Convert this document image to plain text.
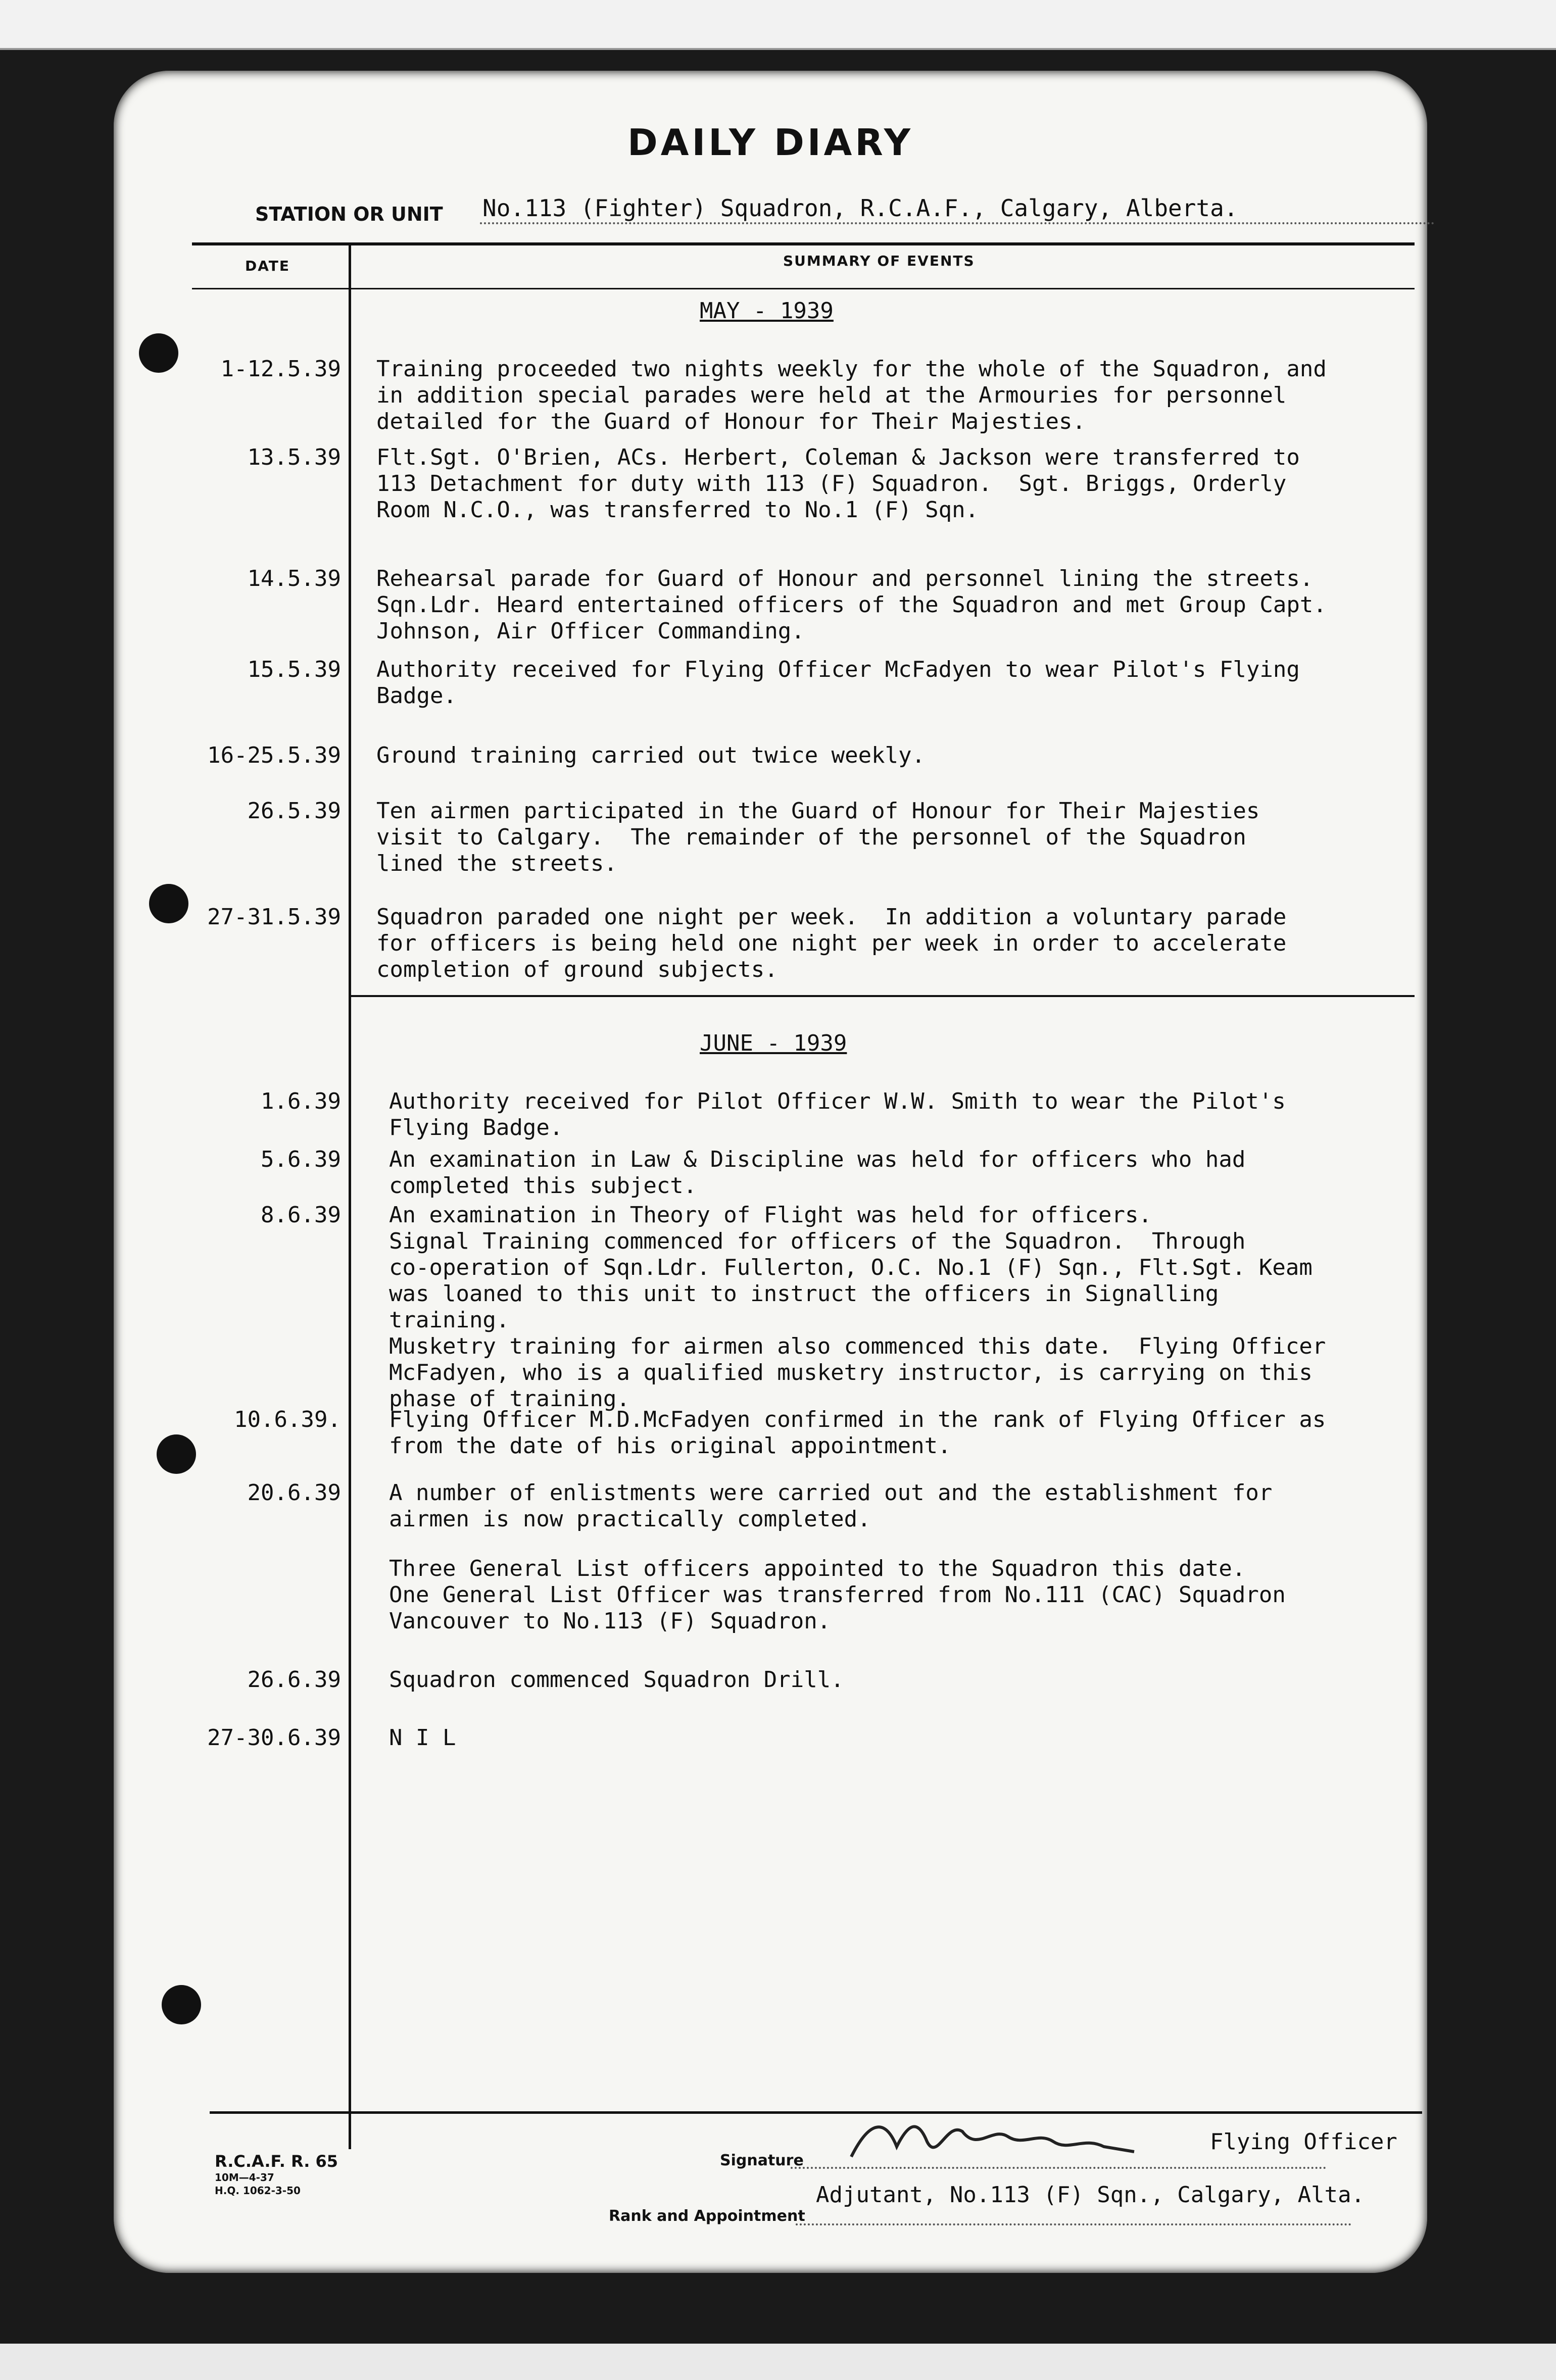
DAILY DIARY
STATION OR UNIT No.113 (Fighter) Squadron, R.C.A.F., Calgary, Alberta.
DATE	SUMMARY OF EVENTS
MAY - 1939
1-12.5.39 Training proceeded two nights weekly for the whole of the Squadron, and
in addition special parades were held at the Armouries for personnel
detailed for the Guard of Honour for Their Majesties.
13.5.39 Flt.Sgt. O'Brien, ACs. Herbert, Coleman & Jackson were transferred to
113 Detachment for duty with 113 (F) Squadron.  Sgt. Briggs, Orderly
Room N.C.O., was transferred to No.1 (F) Sqn.
14.5.39 Rehearsal parade for Guard of Honour and personnel lining the streets.
Sqn.Ldr. Heard entertained officers of the Squadron and met Group Capt.
Johnson, Air Officer Commanding.
15.5.39 Authority received for Flying Officer McFadyen to wear Pilot's Flying
Badge.
16-25.5.39 Ground training carried out twice weekly.
26.5.39 Ten airmen participated in the Guard of Honour for Their Majesties
visit to Calgary.  The remainder of the personnel of the Squadron
lined the streets.
27-31.5.39 Squadron paraded one night per week.  In addition a voluntary parade
for officers is being held one night per week in order to accelerate
completion of ground subjects.
JUNE - 1939
1.6.39 Authority received for Pilot Officer W.W. Smith to wear the Pilot's
Flying Badge.
5.6.39 An examination in Law & Discipline was held for officers who had
completed this subject.
8.6.39 An examination in Theory of Flight was held for officers.
Signal Training commenced for officers of the Squadron.  Through
co-operation of Sqn.Ldr. Fullerton, O.C. No.1 (F) Sqn., Flt.Sgt. Keam
was loaned to this unit to instruct the officers in Signalling training.
Musketry training for airmen also commenced this date.  Flying Officer
McFadyen, who is a qualified musketry instructor, is carrying on this
phase of training.
10.6.39. Flying Officer M.D.McFadyen confirmed in the rank of Flying Officer as
from the date of his original appointment.
20.6.39 A number of enlistments were carried out and the establishment for
airmen is now practically completed.
Three General List officers appointed to the Squadron this date.
One General List Officer was transferred from No.111 (CAC) Squadron
Vancouver to No.113 (F) Squadron.
26.6.39 Squadron commenced Squadron Drill.
27-30.6.39 N I L
Signature
Flying Officer
Rank and Appointment
Adjutant, No.113 (F) Sqn., Calgary, Alta.
R.C.A.F. R. 65
10M—4-37
H.Q. 1062-3-50
